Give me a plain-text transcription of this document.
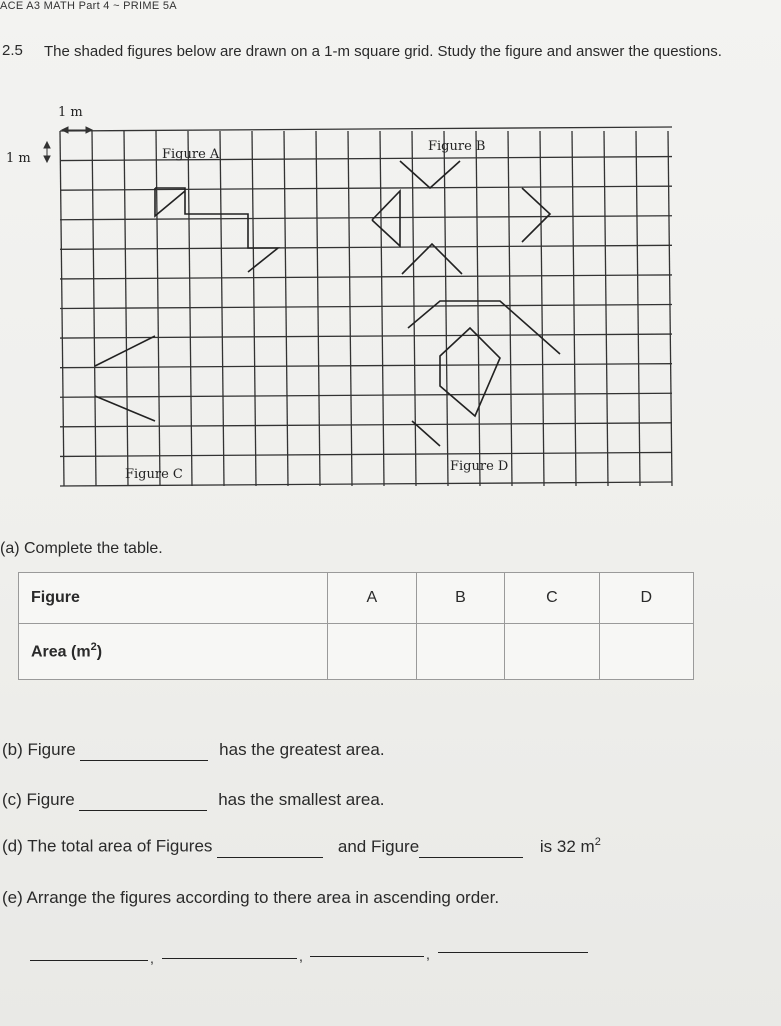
ACE A3 MATH Part 4 ~ PRIME 5A
2.5 The shaded figures below are drawn on a 1-m square grid. Study the figure and answer the questions.
1 m
1 m	Figure A
Figure B
Figure C
Figure D
(a) Complete the table.
Figure	A	B	C	D
Area $(m^2)$				
(b) Figure	has the greatest area.
(c) Figure	has the smallest area.
(d) The total area of Figures	and Figure	is 32 $m^2$
(e) Arrange the figures according to there area in ascending order.
,	,	,
